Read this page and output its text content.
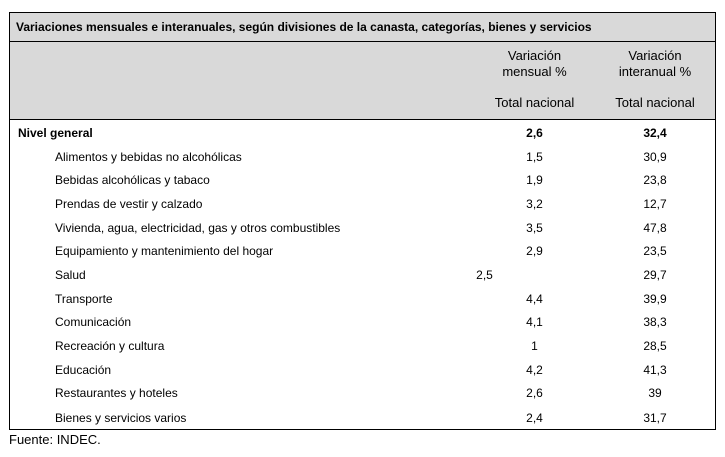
Variaciones mensuales e interanuales, según divisiones de la canasta, categorías, bienes y servicios
Variación
mensual %
Total nacional
Variación
interanual %
Total nacional
Nivel general	2,6	32,4
Alimentos y bebidas no alcohólicas	1,5	30,9
Bebidas alcohólicas y tabaco	1,9	23,8
Prendas de vestir y calzado	3,2	12,7
Vivienda, agua, electricidad, gas y otros combustibles	3,5	47,8
Equipamiento y mantenimiento del hogar	2,9	23,5
Salud	2,5	29,7
Transporte	4,4	39,9
Comunicación	4,1	38,3
Recreación y cultura	1	28,5
Educación	4,2	41,3
Restaurantes y hoteles	2,6	39
Bienes y servicios varios	2,4	31,7
Fuente: INDEC.
